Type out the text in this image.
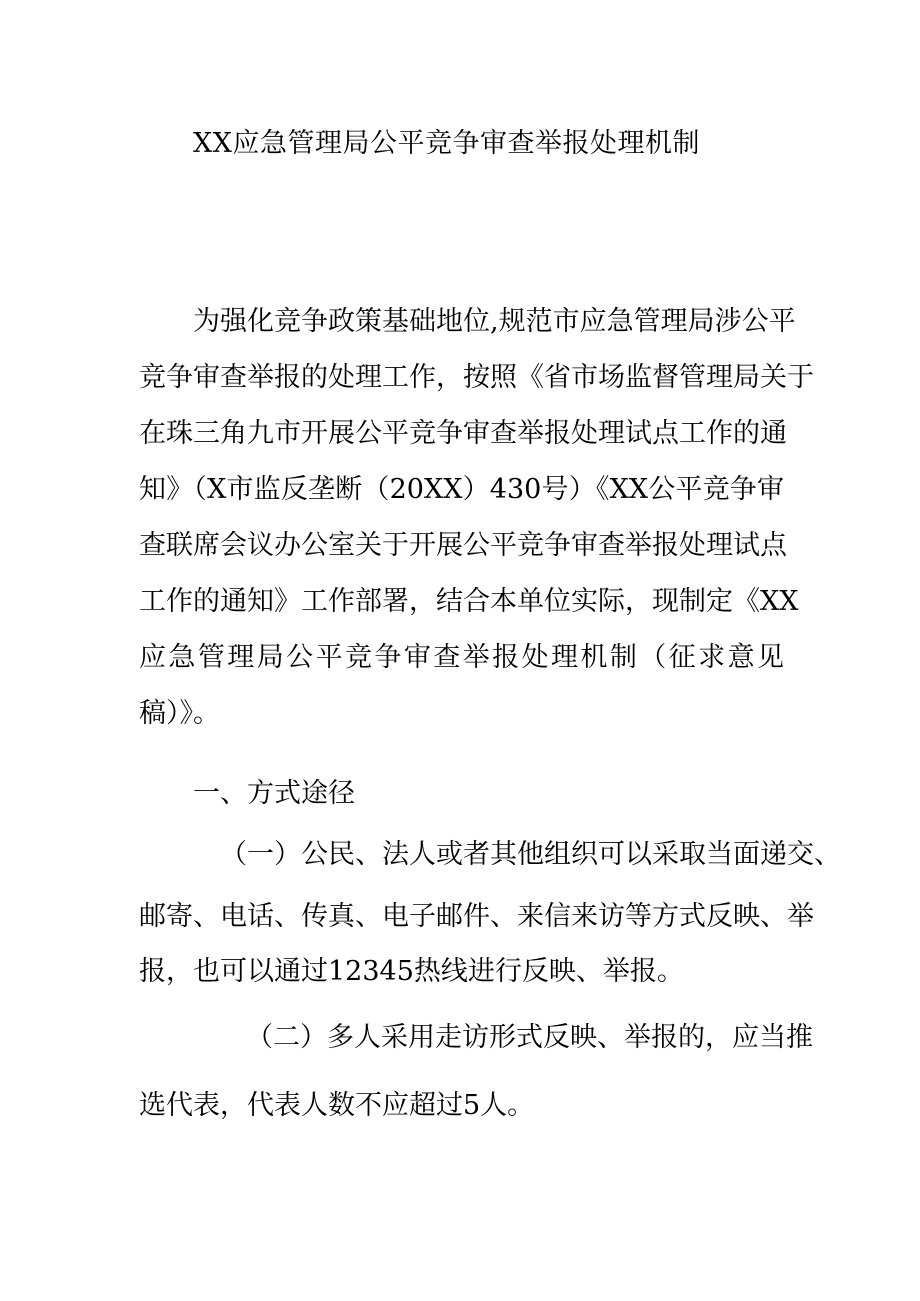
XX应急管理局公平竞争审查举报处理机制
为强化竞争政策基础地位,规范市应急管理局涉公平
竞争审查举报的处理工作，按照《省市场监督管理局关于
在珠三角九市开展公平竞争审查举报处理试点工作的通
知》（X市监反垄断（20XX）430号）《XX公平竞争审
查联席会议办公室关于开展公平竞争审查举报处理试点
工作的通知》工作部署，结合本单位实际，现制定《XX
应急管理局公平竞争审查举报处理机制（征求意见
稿）》。
一、方式途径
（一）公民、法人或者其他组织可以采取当面递交、
邮寄、电话、传真、电子邮件、来信来访等方式反映、举
报，也可以通过12345热线进行反映、举报。
（二）多人采用走访形式反映、举报的，应当推
选代表，代表人数不应超过5人。
